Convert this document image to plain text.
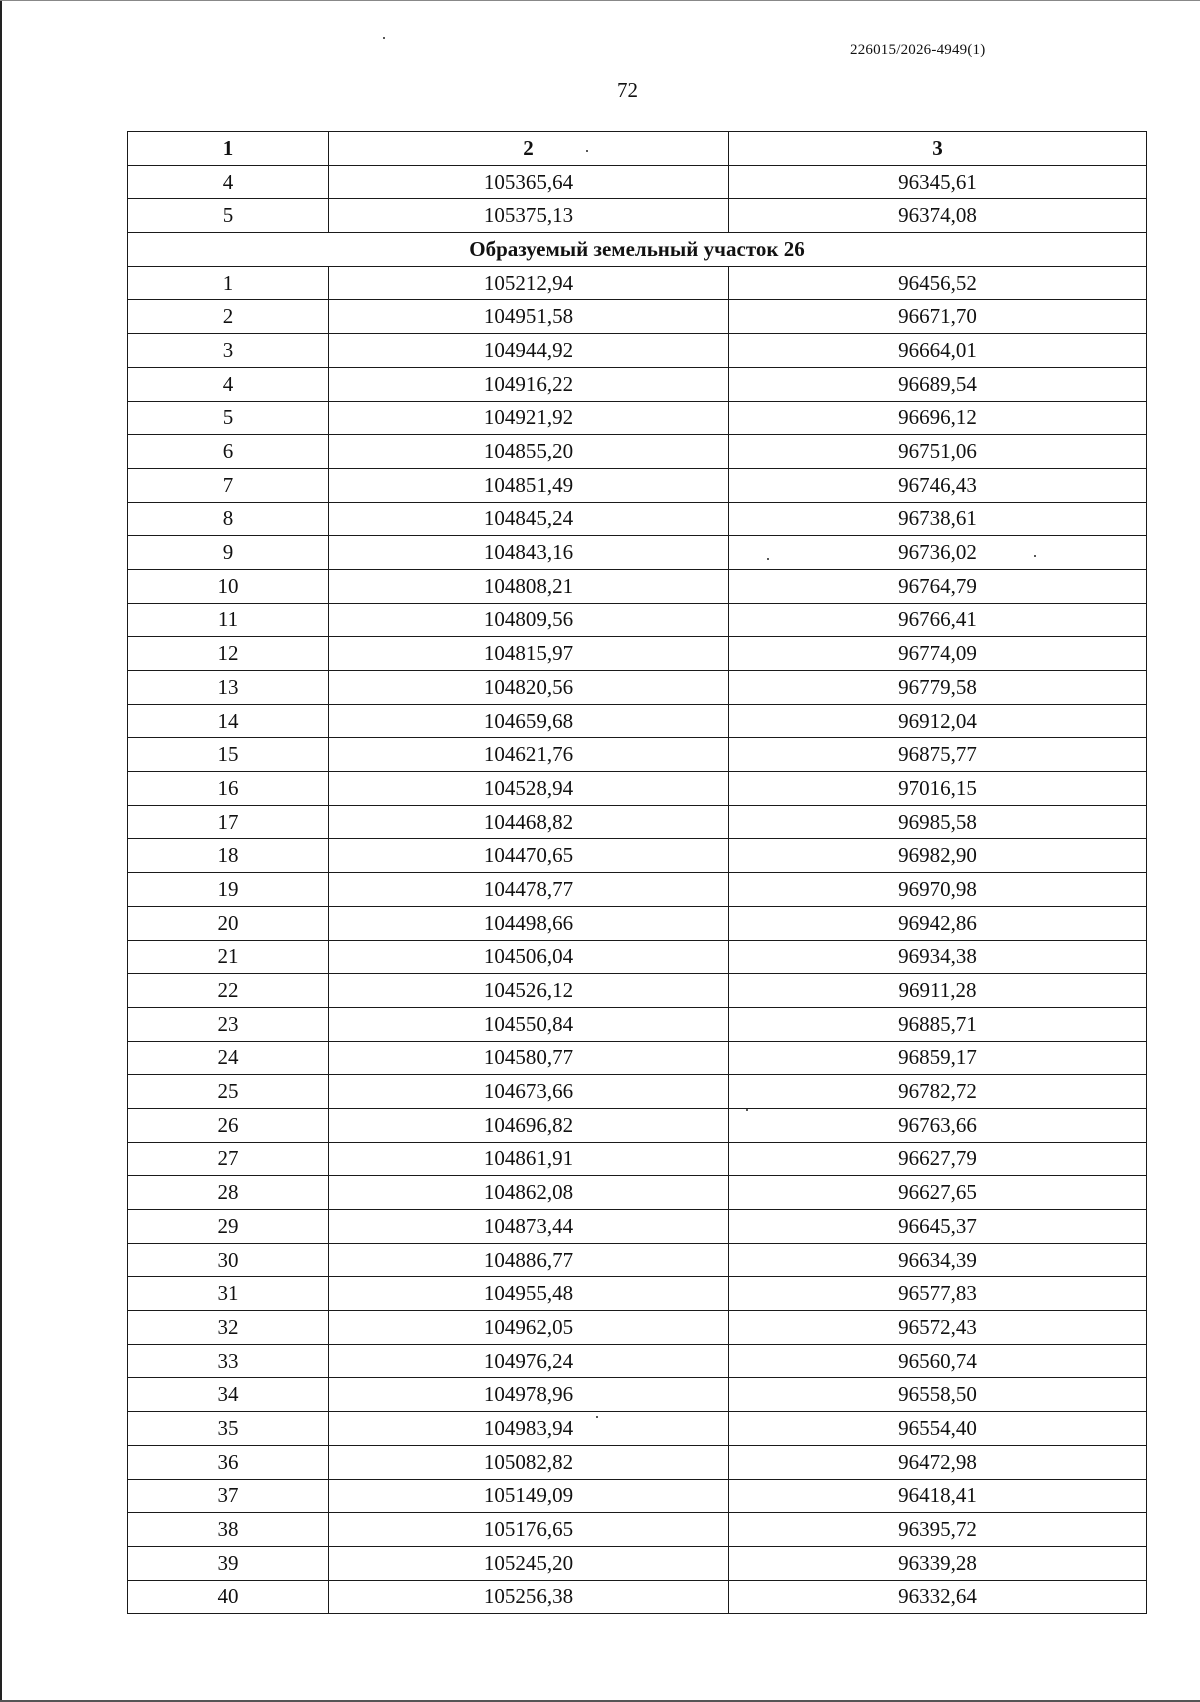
226015/2026-4949(1)
72
1	2	3
4	105365,64	96345,61
5	105375,13	96374,08
Образуемый земельный участок 26		
1	105212,94	96456,52
2	104951,58	96671,70
3	104944,92	96664,01
4	104916,22	96689,54
5	104921,92	96696,12
6	104855,20	96751,06
7	104851,49	96746,43
8	104845,24	96738,61
9	104843,16	96736,02
10	104808,21	96764,79
11	104809,56	96766,41
12	104815,97	96774,09
13	104820,56	96779,58
14	104659,68	96912,04
15	104621,76	96875,77
16	104528,94	97016,15
17	104468,82	96985,58
18	104470,65	96982,90
19	104478,77	96970,98
20	104498,66	96942,86
21	104506,04	96934,38
22	104526,12	96911,28
23	104550,84	96885,71
24	104580,77	96859,17
25	104673,66	96782,72
26	104696,82	96763,66
27	104861,91	96627,79
28	104862,08	96627,65
29	104873,44	96645,37
30	104886,77	96634,39
31	104955,48	96577,83
32	104962,05	96572,43
33	104976,24	96560,74
34	104978,96	96558,50
35	104983,94	96554,40
36	105082,82	96472,98
37	105149,09	96418,41
38	105176,65	96395,72
39	105245,20	96339,28
40	105256,38	96332,64
